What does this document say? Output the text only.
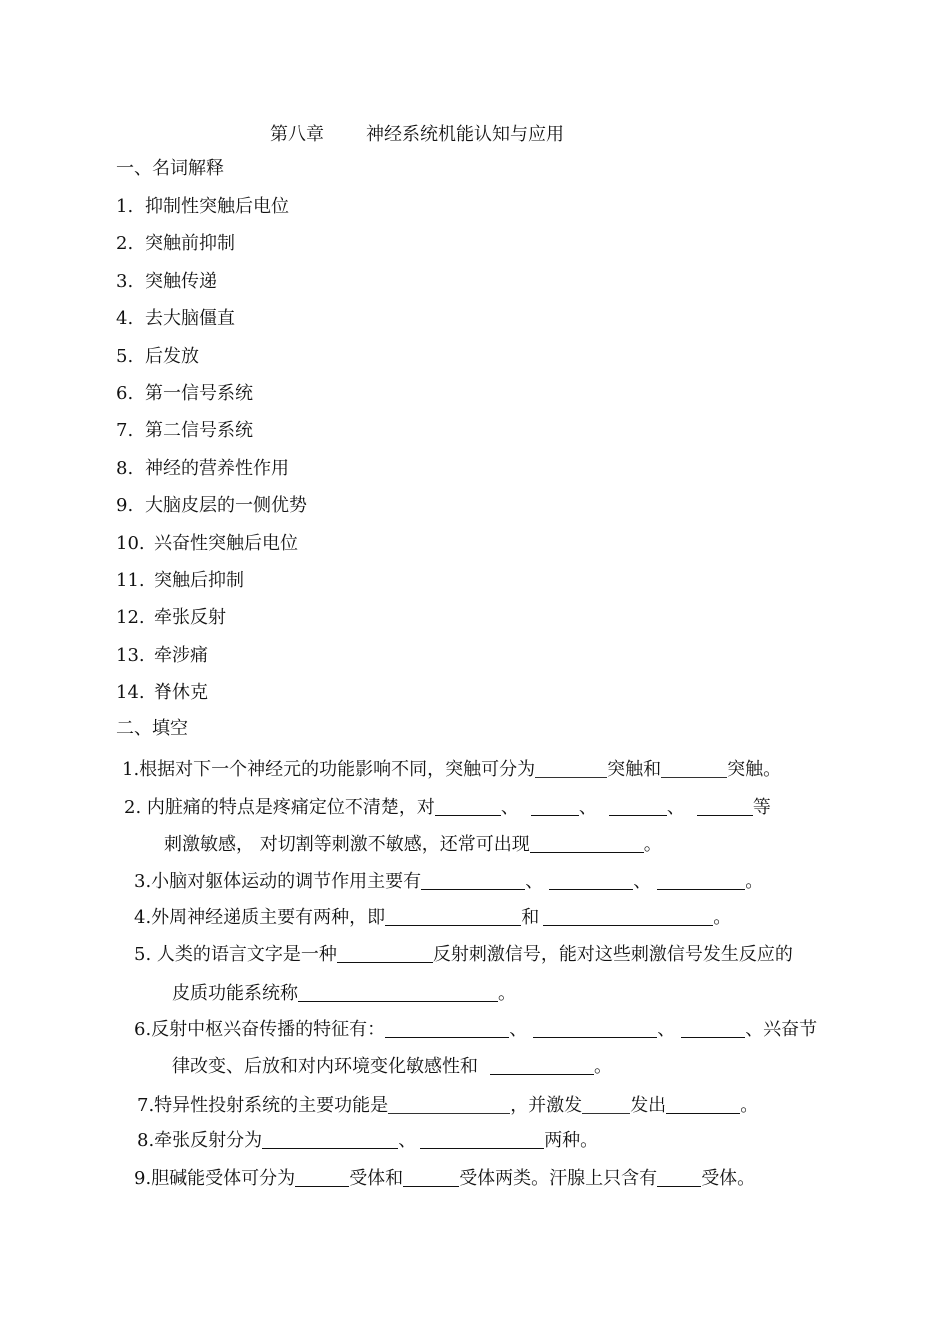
第八章 神经系统机能认知与应用
一、名词解释
1. 抑制性突触后电位
2. 突触前抑制
3. 突触传递
4. 去大脑僵直
5. 后发放
6. 第一信号系统
7. 第二信号系统
8. 神经的营养性作用
9. 大脑皮层的一侧优势
10. 兴奋性突触后电位
11. 突触后抑制
12. 牵张反射
13. 牵涉痛
14. 脊休克
二、填空
1.根据对下一个神经元的功能影响不同，突触可分为	突触和	突触。
2. 内脏痛的特点是疼痛定位不清楚，对	、	、	、	等
刺激敏感， 对切割等刺激不敏感，还常可出现	。
3.小脑对躯体运动的调节作用主要有	、	、	。
4.外周神经递质主要有两种，即	和	。
5. 人类的语言文字是一种	反射刺激信号，能对这些刺激信号发生反应的
皮质功能系统称	。
6.反射中枢兴奋传播的特征有：	、	、	、兴奋节
律改变、后放和对内环境变化敏感性和	。
7.特异性投射系统的主要功能是	，并激发	发出	。
8.牵张反射分为	、	两种。
9.胆碱能受体可分为	受体和	受体两类。汗腺上只含有 受体。
